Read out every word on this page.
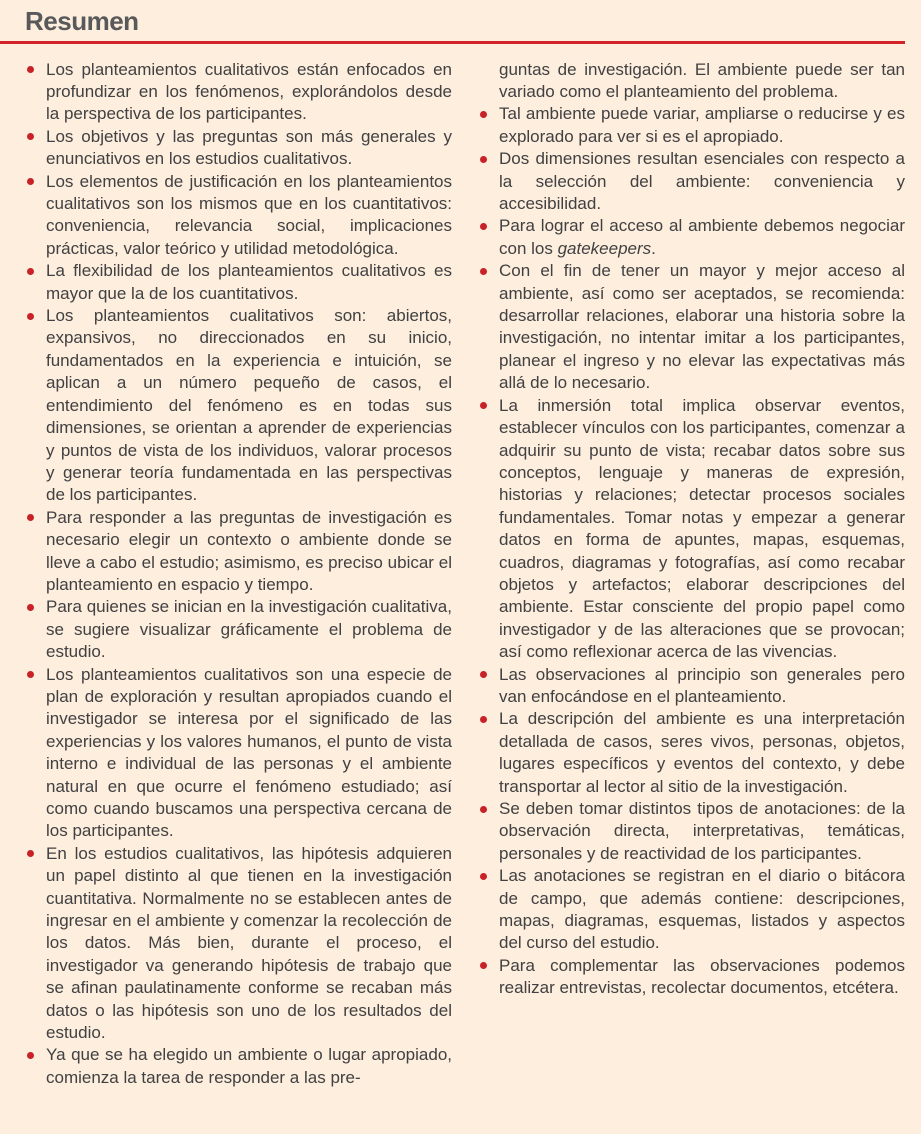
Resumen
Los planteamientos cualitativos están enfocados en profundizar en los fenómenos, explorándolos desde la perspectiva de los participantes.
Los objetivos y las preguntas son más generales y enunciativos en los estudios cualitativos.
Los elementos de justificación en los planteamientos cualitativos son los mismos que en los cuantitativos: conveniencia, relevancia social, implicaciones prácticas, valor teórico y utilidad metodológica.
La flexibilidad de los planteamientos cualitativos es mayor que la de los cuantitativos.
Los planteamientos cualitativos son: abiertos, expansivos, no direccionados en su inicio, fundamentados en la experiencia e intuición, se aplican a un número pequeño de casos, el entendimiento del fenómeno es en todas sus dimensiones, se orientan a aprender de experiencias y puntos de vista de los individuos, valorar procesos y generar teoría fundamentada en las perspectivas de los participantes.
Para responder a las preguntas de investigación es necesario elegir un contexto o ambiente donde se lleve a cabo el estudio; asimismo, es preciso ubicar el planteamiento en espacio y tiempo.
Para quienes se inician en la investigación cualitativa, se sugiere visualizar gráficamente el problema de estudio.
Los planteamientos cualitativos son una especie de plan de exploración y resultan apropiados cuando el investigador se interesa por el significado de las experiencias y los valores humanos, el punto de vista interno e individual de las personas y el ambiente natural en que ocurre el fenómeno estudiado; así como cuando buscamos una perspectiva cercana de los participantes.
En los estudios cualitativos, las hipótesis adquieren un papel distinto al que tienen en la investigación cuantitativa. Normalmente no se establecen antes de ingresar en el ambiente y comenzar la recolección de los datos. Más bien, durante el proceso, el investigador va generando hipótesis de trabajo que se afinan paulatinamente conforme se recaban más datos o las hipótesis son uno de los resultados del estudio.
Ya que se ha elegido un ambiente o lugar apropiado, comienza la tarea de responder a las pre-
guntas de investigación. El ambiente puede ser tan variado como el planteamiento del problema.
Tal ambiente puede variar, ampliarse o reducirse y es explorado para ver si es el apropiado.
Dos dimensiones resultan esenciales con respecto a la selección del ambiente: conveniencia y accesibilidad.
Para lograr el acceso al ambiente debemos negociar con los gatekeepers.
Con el fin de tener un mayor y mejor acceso al ambiente, así como ser aceptados, se recomienda: desarrollar relaciones, elaborar una historia sobre la investigación, no intentar imitar a los participantes, planear el ingreso y no elevar las expectativas más allá de lo necesario.
La inmersión total implica observar eventos, establecer vínculos con los participantes, comenzar a adquirir su punto de vista; recabar datos sobre sus conceptos, lenguaje y maneras de expresión, historias y relaciones; detectar procesos sociales fundamentales. Tomar notas y empezar a generar datos en forma de apuntes, mapas, esquemas, cuadros, diagramas y fotografías, así como recabar objetos y artefactos; elaborar descripciones del ambiente. Estar consciente del propio papel como investigador y de las alteraciones que se provocan; así como reflexionar acerca de las vivencias.
Las observaciones al principio son generales pero van enfocándose en el planteamiento.
La descripción del ambiente es una interpretación detallada de casos, seres vivos, personas, objetos, lugares específicos y eventos del contexto, y debe transportar al lector al sitio de la investigación.
Se deben tomar distintos tipos de anotaciones: de la observación directa, interpretativas, temáticas, personales y de reactividad de los participantes.
Las anotaciones se registran en el diario o bitácora de campo, que además contiene: descripciones, mapas, diagramas, esquemas, listados y aspectos del curso del estudio.
Para complementar las observaciones podemos realizar entrevistas, recolectar documentos, etcétera.
